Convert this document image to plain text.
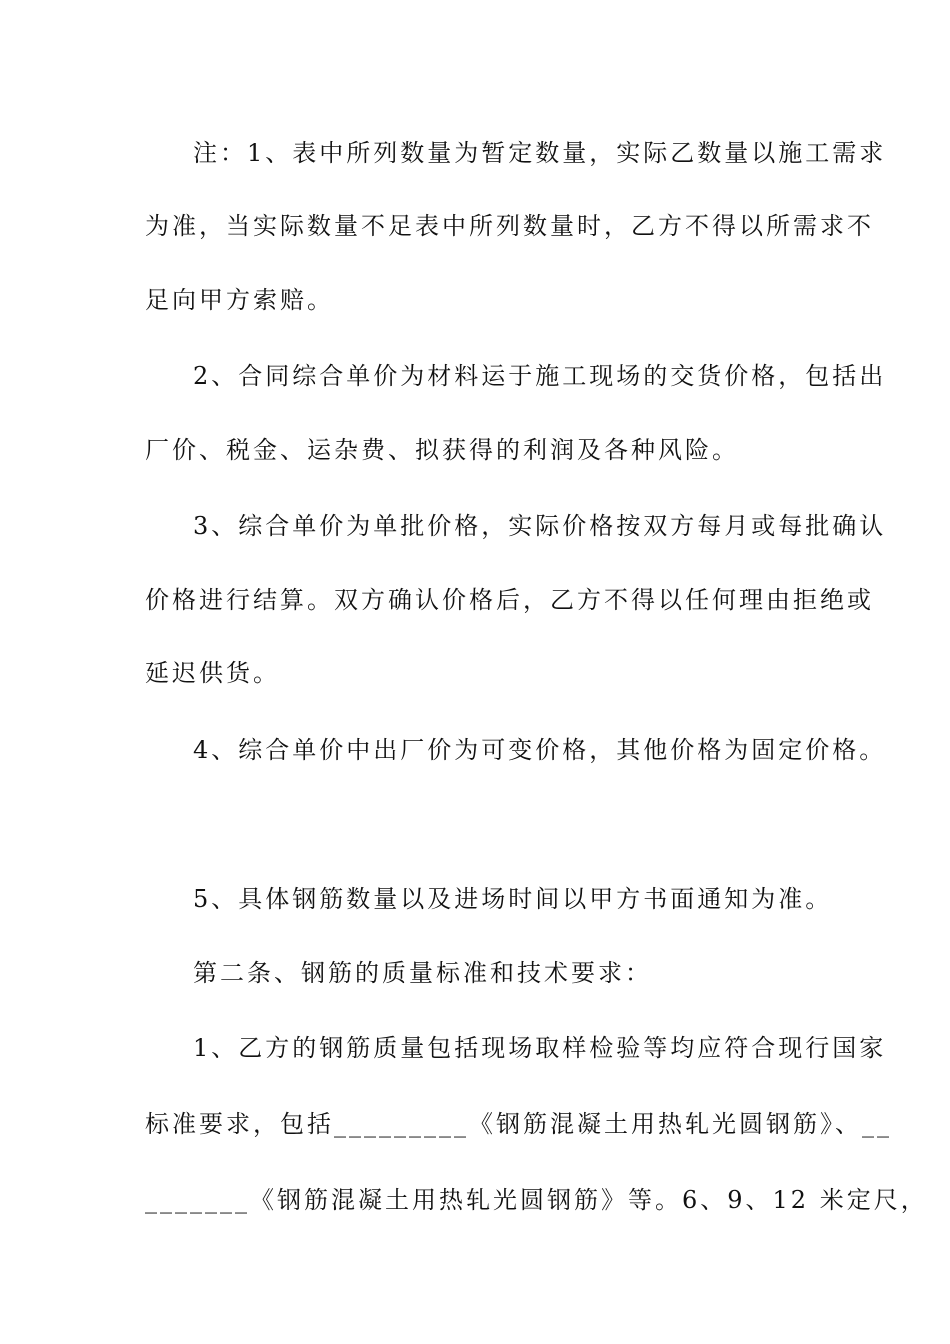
注：1、表中所列数量为暂定数量，实际乙数量以施工需求
为准，当实际数量不足表中所列数量时，乙方不得以所需求不
足向甲方索赔。
2、合同综合单价为材料运于施工现场的交货价格，包括出
厂价、税金、运杂费、拟获得的利润及各种风险。
3、综合单价为单批价格，实际价格按双方每月或每批确认
价格进行结算。双方确认价格后，乙方不得以任何理由拒绝或
延迟供货。
4、综合单价中出厂价为可变价格，其他价格为固定价格。
5、具体钢筋数量以及进场时间以甲方书面通知为准。
第二条、钢筋的质量标准和技术要求：
1、乙方的钢筋质量包括现场取样检验等均应符合现行国家
标准要求，包括_________《钢筋混凝土用热轧光圆钢筋》、__
_______《钢筋混凝土用热轧光圆钢筋》等。6、9、12 米定尺，
